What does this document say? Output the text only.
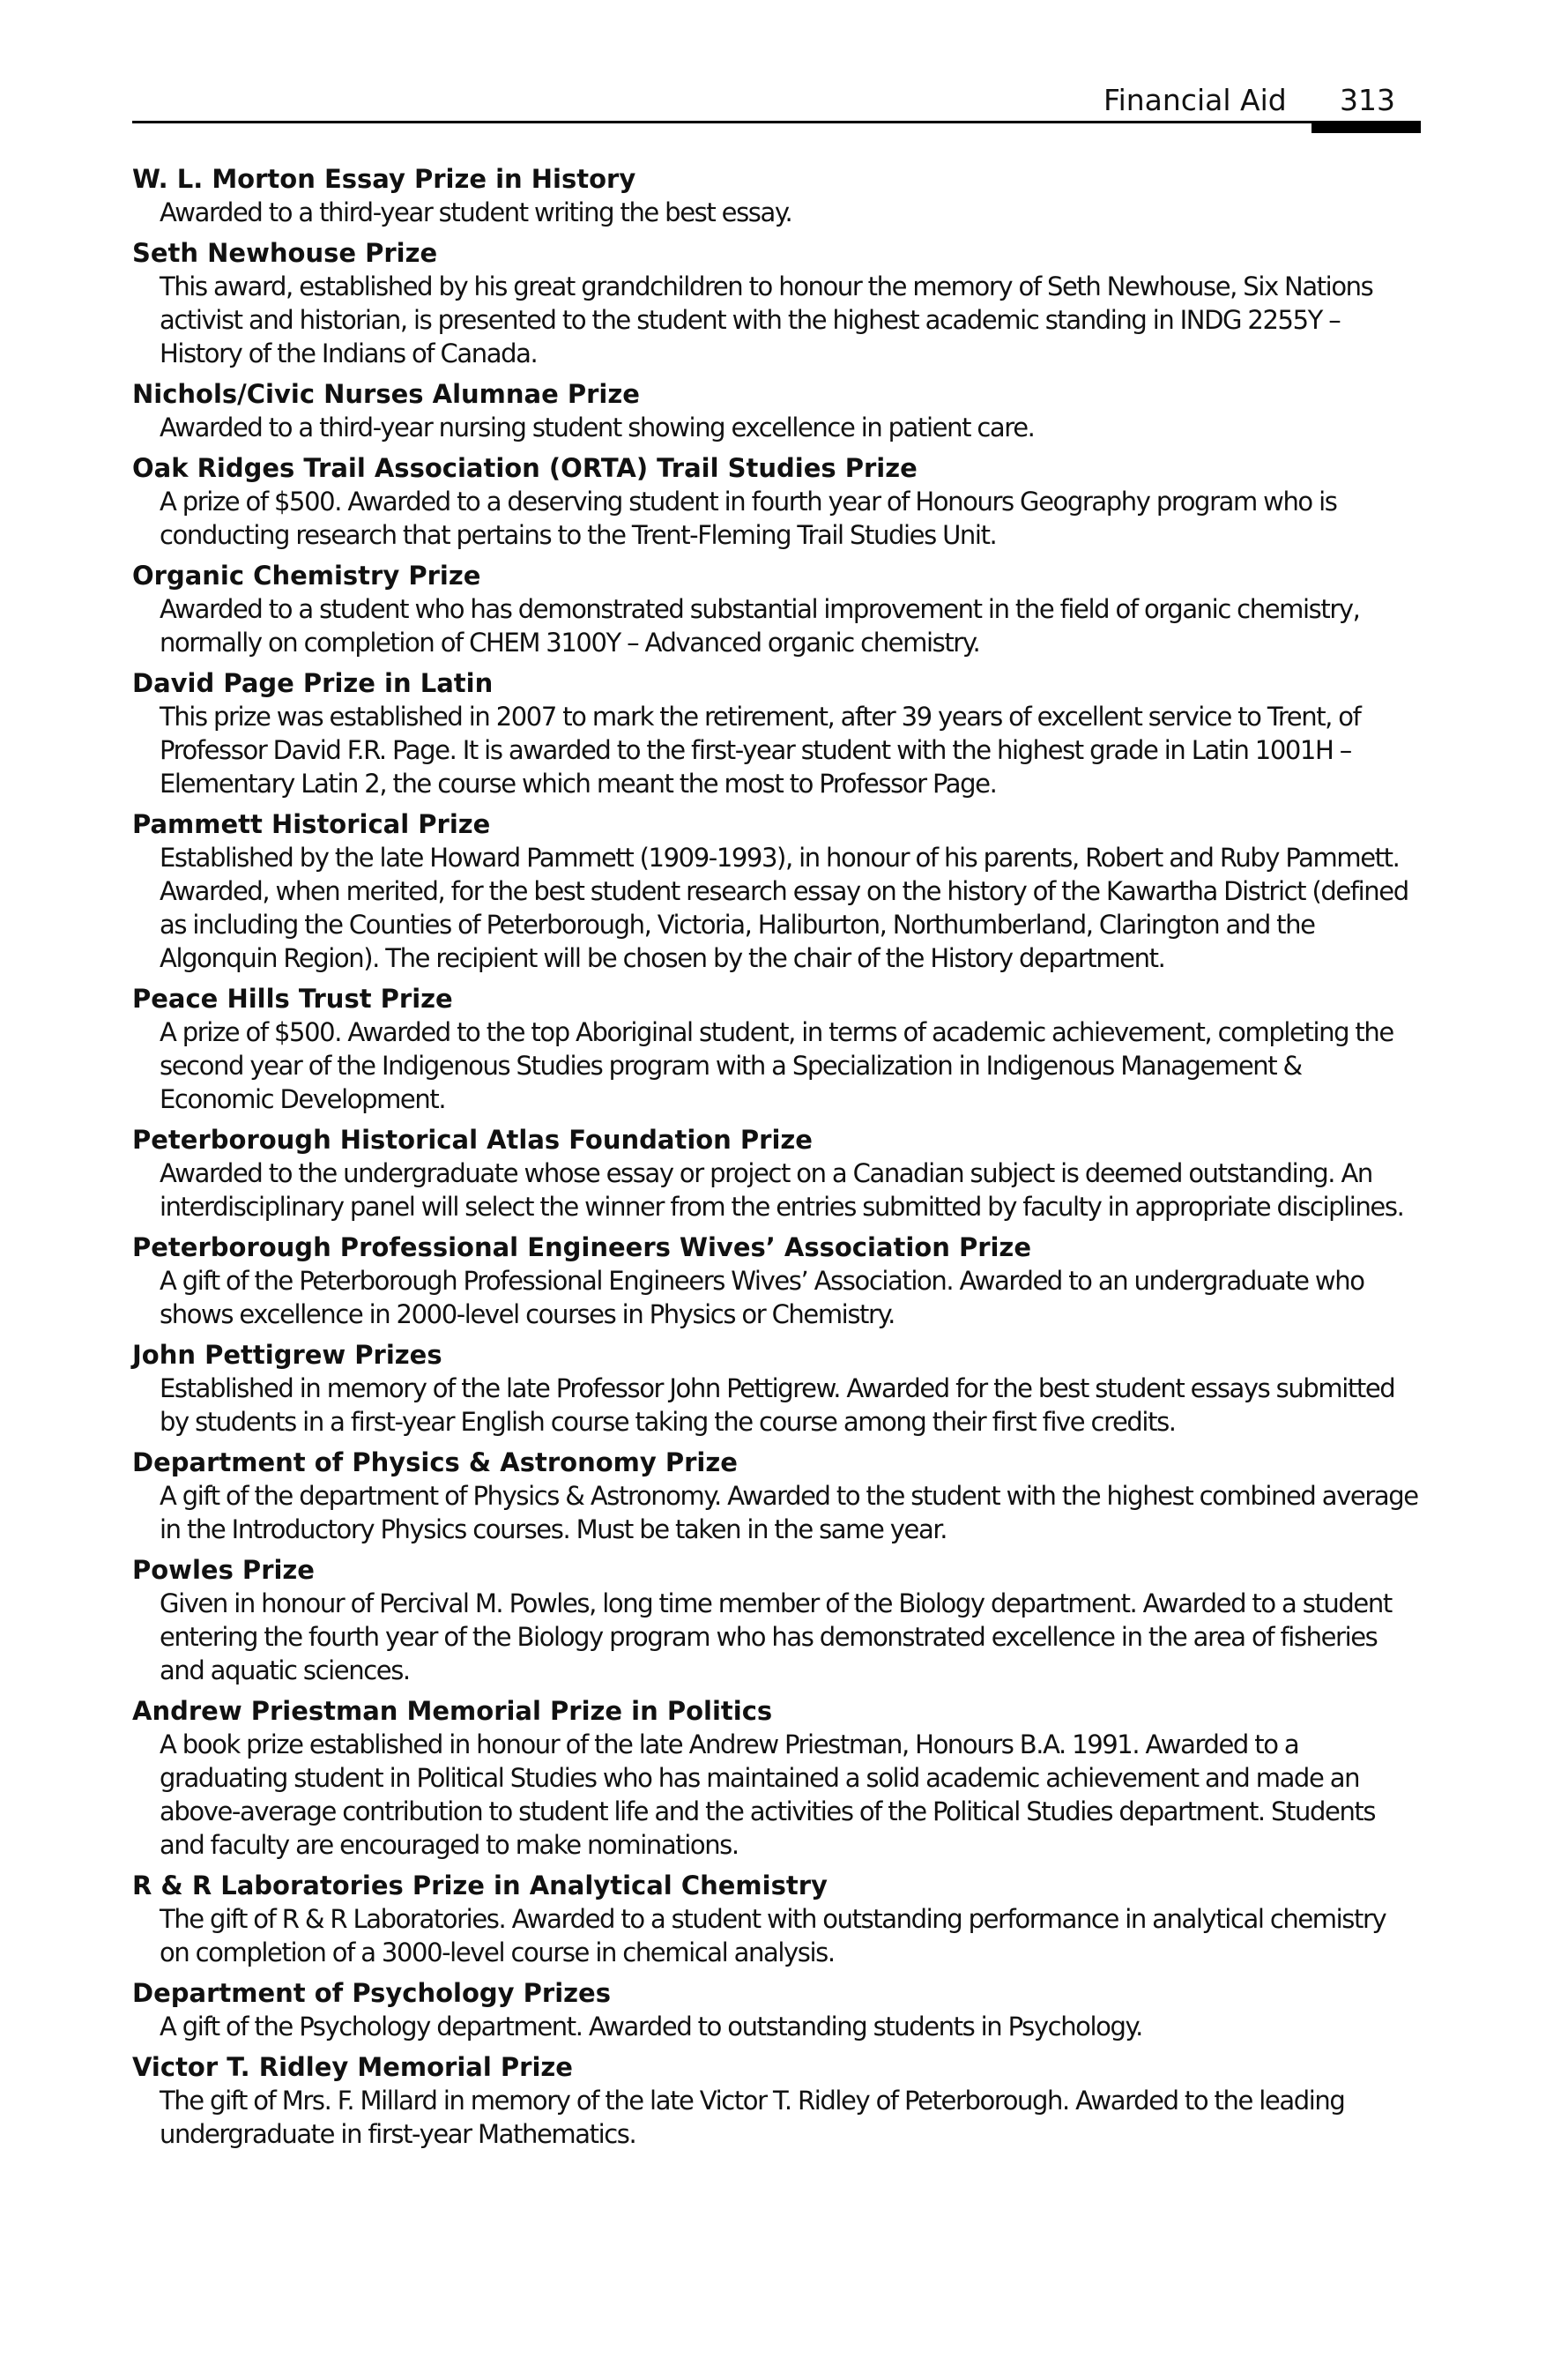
Financial Aid 313
W. L. Morton Essay Prize in History
Awarded to a third-year student writing the best essay.
Seth Newhouse Prize
This award, established by his great grandchildren to honour the memory of Seth Newhouse, Six Nations activist and historian, is presented to the student with the highest academic standing in INDG 2255Y – History of the Indians of Canada.
Nichols/Civic Nurses Alumnae Prize
Awarded to a third-year nursing student showing excellence in patient care.
Oak Ridges Trail Association (ORTA) Trail Studies Prize
A prize of $500. Awarded to a deserving student in fourth year of Honours Geography program who is conducting research that pertains to the Trent-Fleming Trail Studies Unit.
Organic Chemistry Prize
Awarded to a student who has demonstrated substantial improvement in the field of organic chemistry, normally on completion of CHEM 3100Y – Advanced organic chemistry.
David Page Prize in Latin
This prize was established in 2007 to mark the retirement, after 39 years of excellent service to Trent, of Professor David F.R. Page. It is awarded to the first-year student with the highest grade in Latin 1001H – Elementary Latin 2, the course which meant the most to Professor Page.
Pammett Historical Prize
Established by the late Howard Pammett (1909-1993), in honour of his parents, Robert and Ruby Pammett. Awarded, when merited, for the best student research essay on the history of the Kawartha District (defined as including the Counties of Peterborough, Victoria, Haliburton, Northumberland, Clarington and the Algonquin Region). The recipient will be chosen by the chair of the History department.
Peace Hills Trust Prize
A prize of $500. Awarded to the top Aboriginal student, in terms of academic achievement, completing the second year of the Indigenous Studies program with a Specialization in Indigenous Management & Economic Development.
Peterborough Historical Atlas Foundation Prize
Awarded to the undergraduate whose essay or project on a Canadian subject is deemed outstanding. An interdisciplinary panel will select the winner from the entries submitted by faculty in appropriate disciplines.
Peterborough Professional Engineers Wives’ Association Prize
A gift of the Peterborough Professional Engineers Wives’ Association. Awarded to an undergraduate who shows excellence in 2000-level courses in Physics or Chemistry.
John Pettigrew Prizes
Established in memory of the late Professor John Pettigrew. Awarded for the best student essays submitted by students in a first-year English course taking the course among their first five credits.
Department of Physics & Astronomy Prize
A gift of the department of Physics & Astronomy. Awarded to the student with the highest combined average in the Introductory Physics courses. Must be taken in the same year.
Powles Prize
Given in honour of Percival M. Powles, long time member of the Biology department. Awarded to a student entering the fourth year of the Biology program who has demonstrated excellence in the area of fisheries and aquatic sciences.
Andrew Priestman Memorial Prize in Politics
A book prize established in honour of the late Andrew Priestman, Honours B.A. 1991. Awarded to a graduating student in Political Studies who has maintained a solid academic achievement and made an above-average contribution to student life and the activities of the Political Studies department. Students and faculty are encouraged to make nominations.
R & R Laboratories Prize in Analytical Chemistry
The gift of R & R Laboratories. Awarded to a student with outstanding performance in analytical chemistry on completion of a 3000-level course in chemical analysis.
Department of Psychology Prizes
A gift of the Psychology department. Awarded to outstanding students in Psychology.
Victor T. Ridley Memorial Prize
The gift of Mrs. F. Millard in memory of the late Victor T. Ridley of Peterborough. Awarded to the leading undergraduate in first-year Mathematics.
